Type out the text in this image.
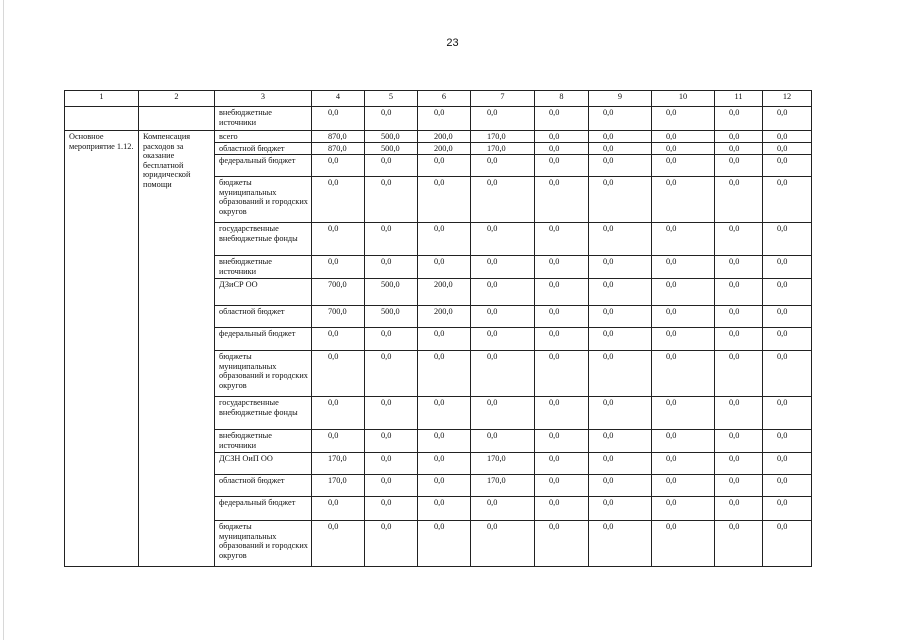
23
1	2	3	4	5	6	7	8	9	10	11	12
		внебюджетные источники	0,0	0,0	0,0	0,0	0,0	0,0	0,0	0,0	0,0
Основное мероприятие 1.12.	Компенсация расходов за оказание бесплатной юридической помощи	всего	870,0	500,0	200,0	170,0	0,0	0,0	0,0	0,0	0,0
		областной бюджет	870,0	500,0	200,0	170,0	0,0	0,0	0,0	0,0	0,0
		федеральный бюджет	0,0	0,0	0,0	0,0	0,0	0,0	0,0	0,0	0,0
		бюджеты муниципальных образований и городских округов	0,0	0,0	0,0	0,0	0,0	0,0	0,0	0,0	0,0
		государственные внебюджетные фонды	0,0	0,0	0,0	0,0	0,0	0,0	0,0	0,0	0,0
		внебюджетные источники	0,0	0,0	0,0	0,0	0,0	0,0	0,0	0,0	0,0
		ДЗиСР ОО	700,0	500,0	200,0	0,0	0,0	0,0	0,0	0,0	0,0
		областной бюджет	700,0	500,0	200,0	0,0	0,0	0,0	0,0	0,0	0,0
		федеральный бюджет	0,0	0,0	0,0	0,0	0,0	0,0	0,0	0,0	0,0
		бюджеты муниципальных образований и городских округов	0,0	0,0	0,0	0,0	0,0	0,0	0,0	0,0	0,0
		государственные внебюджетные фонды	0,0	0,0	0,0	0,0	0,0	0,0	0,0	0,0	0,0
		внебюджетные источники	0,0	0,0	0,0	0,0	0,0	0,0	0,0	0,0	0,0
		ДСЗН ОиП ОО	170,0	0,0	0,0	170,0	0,0	0,0	0,0	0,0	0,0
		областной бюджет	170,0	0,0	0,0	170,0	0,0	0,0	0,0	0,0	0,0
		федеральный бюджет	0,0	0,0	0,0	0,0	0,0	0,0	0,0	0,0	0,0
		бюджеты муниципальных образований и городских округов	0,0	0,0	0,0	0,0	0,0	0,0	0,0	0,0	0,0
